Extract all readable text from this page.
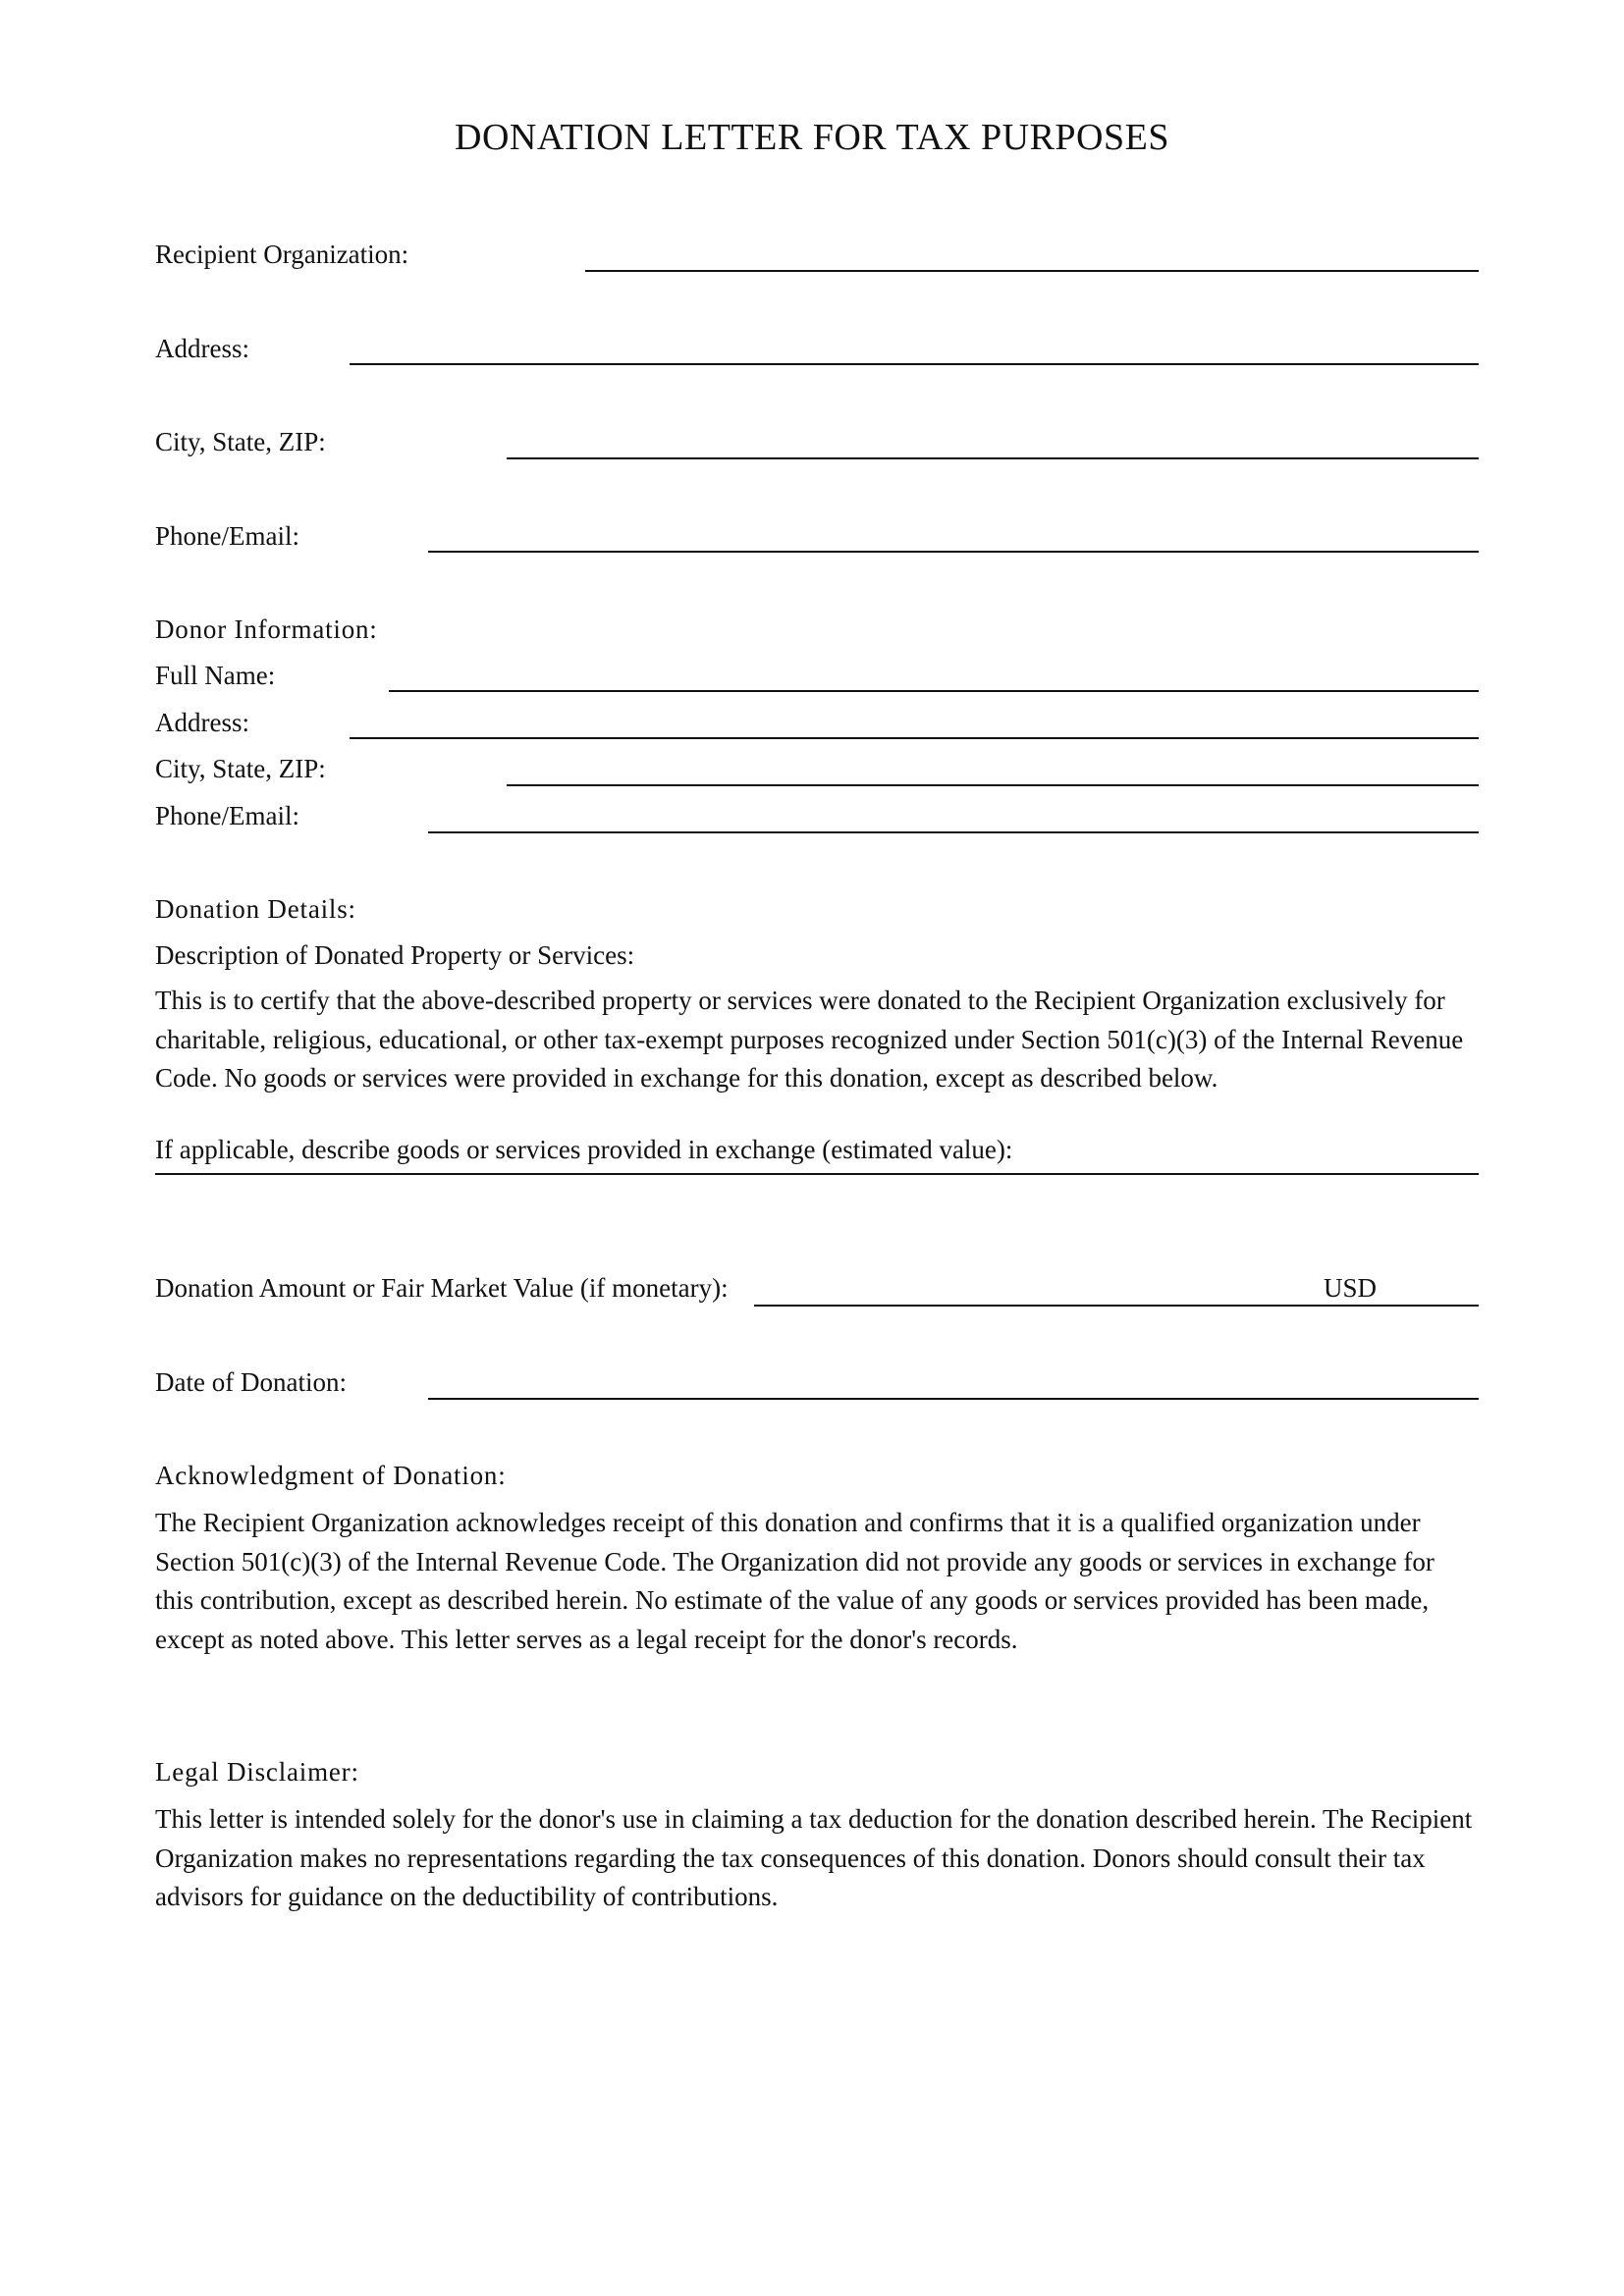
DONATION LETTER FOR TAX PURPOSES
Recipient Organization:
Address:
City, State, ZIP:
Phone/Email:
Donor Information:
Full Name:
Address:
City, State, ZIP:
Phone/Email:
Donation Details:
Description of Donated Property or Services:
This is to certify that the above-described property or services were donated to the Recipient Organization exclusively for charitable, religious, educational, or other tax-exempt purposes recognized under Section 501(c)(3) of the Internal Revenue Code. No goods or services were provided in exchange for this donation, except as described below.
If applicable, describe goods or services provided in exchange (estimated value):
Donation Amount or Fair Market Value (if monetary):	USD
Date of Donation:
Acknowledgment of Donation:
The Recipient Organization acknowledges receipt of this donation and confirms that it is a qualified organization under Section 501(c)(3) of the Internal Revenue Code. The Organization did not provide any goods or services in exchange for this contribution, except as described herein. No estimate of the value of any goods or services provided has been made, except as noted above. This letter serves as a legal receipt for the donor's records.
Legal Disclaimer:
This letter is intended solely for the donor's use in claiming a tax deduction for the donation described herein. The Recipient Organization makes no representations regarding the tax consequences of this donation. Donors should consult their tax advisors for guidance on the deductibility of contributions.
